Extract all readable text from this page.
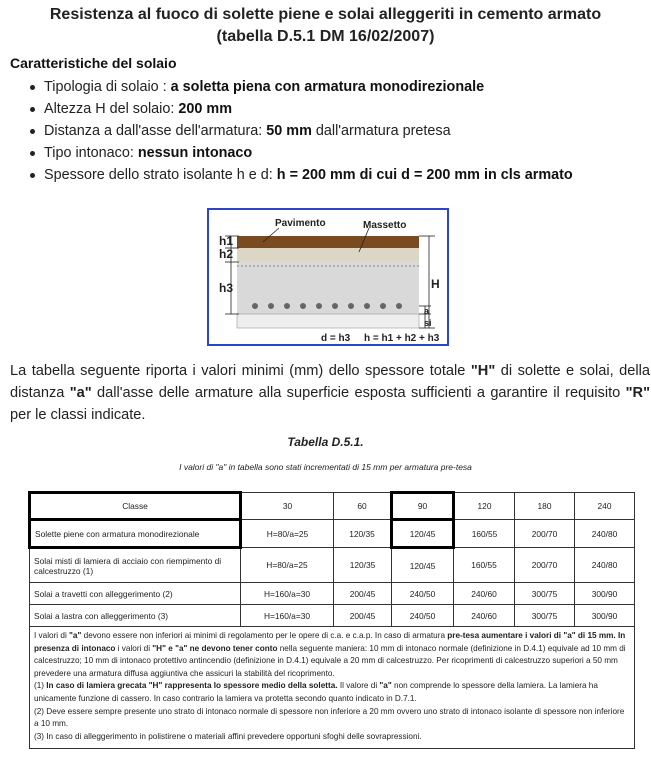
Resistenza al fuoco di solette piene e solai alleggeriti in cemento armato
(tabella D.5.1 DM 16/02/2007)
Caratteristiche del solaio
Tipologia di solaio : a soletta piena con armatura monodirezionale
Altezza H del solaio: 200 mm
Distanza a dall'asse dell'armatura: 50 mm dall'armatura pretesa
Tipo intonaco: nessun intonaco
Spessore dello strato isolante h e d: h = 200 mm di cui d = 200 mm in cls armato
Pavimento	Massetto
h1
h2
h3	H
a
si
d = h3 h = h1 + h2 + h3
La tabella seguente riporta i valori minimi (mm) dello spessore totale "H" di solette e solai, della distanza "a" dall'asse delle armature alla superficie esposta sufficienti a garantire il requisito "R" per le classi indicate.
Tabella D.5.1.
I valori di "a" in tabella sono stati incrementati di 15 mm per armatura pre-tesa
Classe	30	60	90	120	180	240
Solette piene con armatura monodirezionale	H=80/a=25	120/35	120/45	160/55	200/70	240/80
Solai misti di lamiera di acciaio con riempimento di calcestruzzo (1)	H=80/a=25	120/35	120/45	160/55	200/70	240/80
Solai a travetti con alleggerimento (2)	H=160/a=30	200/45	240/50	240/60	300/75	300/90
Solai a lastra con alleggerimento (3)	H=160/a=30	200/45	240/50	240/60	300/75	300/90

I valori di "a" devono essere non inferiori ai minimi di regolamento per le opere di c.a. e c.a.p. In caso di armatura pre-tesa aumentare i valori di "a" di 15 mm. In presenza di intonaco i valori di "H" e "a" ne devono tener conto nella seguente maniera: 10 mm di intonaco normale (definizione in D.4.1) equivale ad 10 mm di calcestruzzo; 10 mm di intonaco protettivo antincendio (definizione in D.4.1) equivale a 20 mm di calcestruzzo. Per ricoprimenti di calcestruzzo superiori a 50 mm prevedere una armatura diffusa aggiuntiva che assicuri la stabilità del ricoprimento.
(1) In caso di lamiera grecata "H" rappresenta lo spessore medio della soletta. Il valore di "a" non comprende lo spessore della lamiera. La lamiera ha unicamente funzione di cassero. In caso contrario la lamiera va protetta secondo quanto indicato in D.7.1.
(2) Deve essere sempre presente uno strato di intonaco normale di spessore non inferiore a 20 mm ovvero uno strato di intonaco isolante di spessore non inferiore a 10 mm.
(3) In caso di alleggerimento in polistirene o materiali affini prevedere opportuni sfoghi delle sovrapressioni.						
